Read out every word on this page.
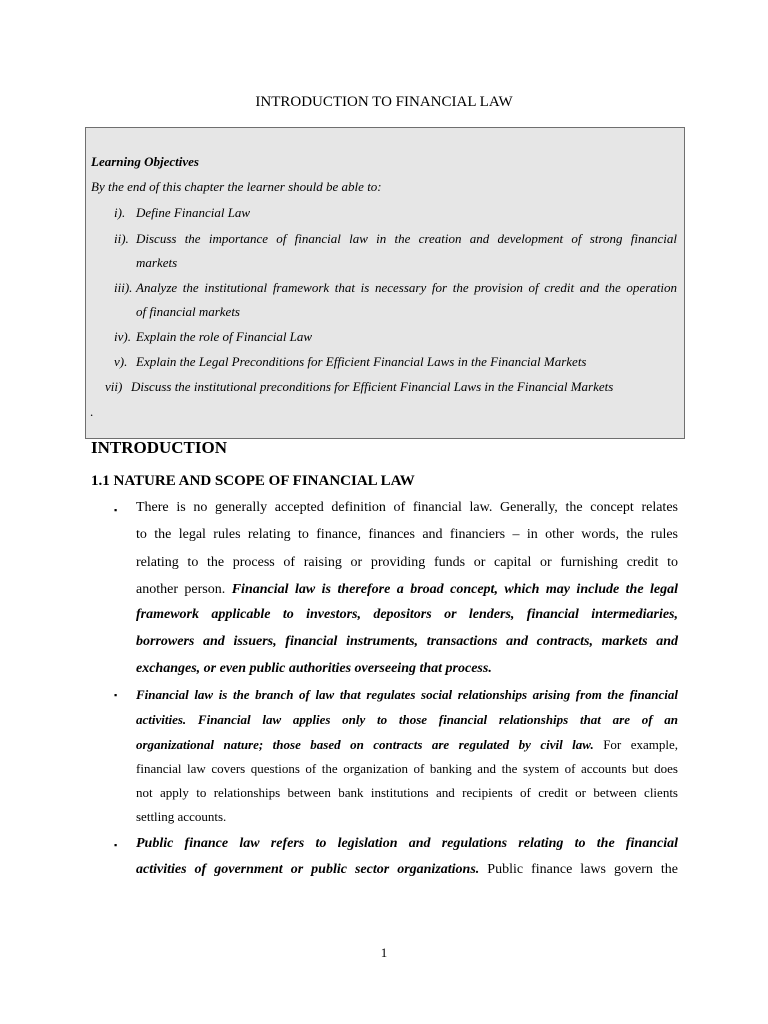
INTRODUCTION TO FINANCIAL LAW
Learning Objectives
By the end of this chapter the learner should be able to:
i). Define Financial Law
ii). Discuss the importance of financial law in the creation and development of strong financial
markets
iii). Analyze the institutional framework that is necessary for the provision of credit and the operation
of financial markets
iv). Explain the role of Financial Law
v). Explain the Legal Preconditions for Efficient Financial Laws in the Financial Markets
vii) Discuss the institutional preconditions for Efficient Financial Laws in the Financial Markets
.
INTRODUCTION
1.1 NATURE AND SCOPE OF FINANCIAL LAW
▪ There is no generally accepted definition of financial law. Generally, the concept relates
to the legal rules relating to finance, finances and financiers – in other words, the rules
relating to the process of raising or providing funds or capital or furnishing credit to
another person. Financial law is therefore a broad concept, which may include the legal
framework applicable to investors, depositors or lenders, financial intermediaries,
borrowers and issuers, financial instruments, transactions and contracts, markets and
exchanges, or even public authorities overseeing that process.
▪ Financial law is the branch of law that regulates social relationships arising from the financial
activities. Financial law applies only to those financial relationships that are of an
organizational nature; those based on contracts are regulated by civil law. For example,
financial law covers questions of the organization of banking and the system of accounts but does
not apply to relationships between bank institutions and recipients of credit or between clients
settling accounts.
▪ Public finance law refers to legislation and regulations relating to the financial
activities of government or public sector organizations. Public finance laws govern the
1
